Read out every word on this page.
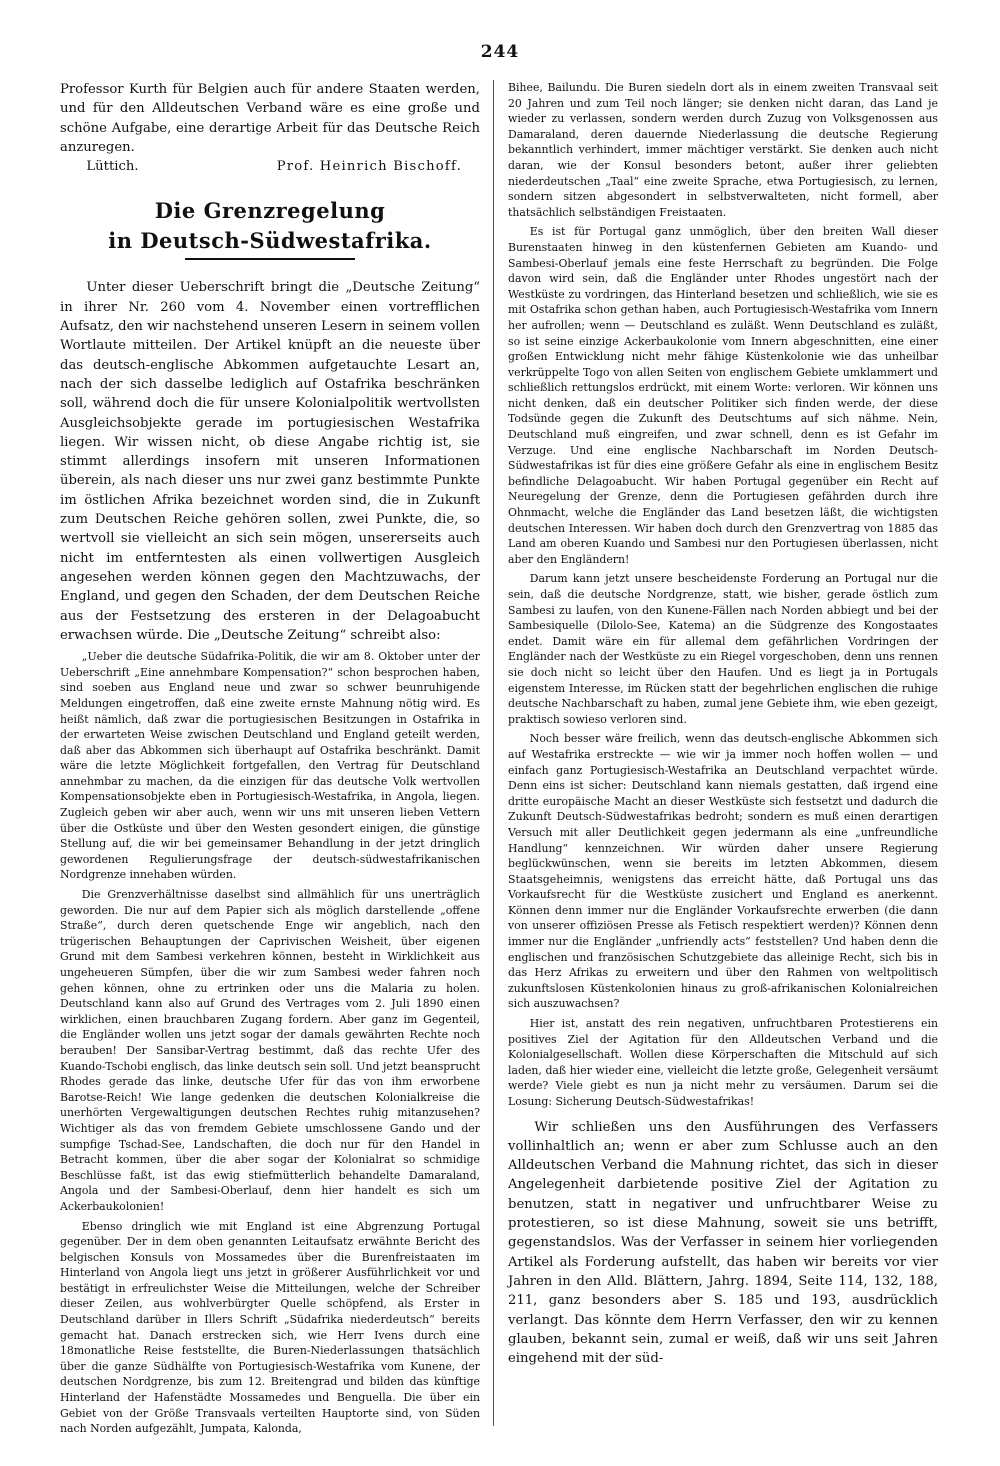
244

Professor Kurth für Belgien auch für andere Staaten werden, und für den Alldeutschen Verband wäre es eine große und schöne Aufgabe, eine derartige Arbeit für das Deutsche Reich anzuregen.

Lüttich.	Prof. Heinrich Bischoff.
Die Grenzregelung
in Deutsch-Südwestafrika.

Unter dieser Ueberschrift bringt die „Deutsche Zeitung“ in ihrer Nr. 260 vom 4. November einen vortrefflichen Aufsatz, den wir nachstehend unseren Lesern in seinem vollen Wortlaute mitteilen. Der Artikel knüpft an die neueste über das deutsch-englische Abkommen aufgetauchte Lesart an, nach der sich dasselbe lediglich auf Ostafrika beschränken soll, während doch die für unsere Kolonialpolitik wertvollsten Ausgleichsobjekte gerade im portugiesischen Westafrika liegen. Wir wissen nicht, ob diese Angabe richtig ist, sie stimmt allerdings insofern mit unseren Informationen überein, als nach dieser uns nur zwei ganz bestimmte Punkte im östlichen Afrika bezeichnet worden sind, die in Zukunft zum Deutschen Reiche gehören sollen, zwei Punkte, die, so wertvoll sie vielleicht an sich sein mögen, unsererseits auch nicht im entferntesten als einen vollwertigen Ausgleich angesehen werden können gegen den Machtzuwachs, der England, und gegen den Schaden, der dem Deutschen Reiche aus der Festsetzung des ersteren in der Delagoabucht erwachsen würde. Die „Deutsche Zeitung“ schreibt also:

„Ueber die deutsche Südafrika-Politik, die wir am 8. Oktober unter der Ueberschrift „Eine annehmbare Kompensation?“ schon besprochen haben, sind soeben aus England neue und zwar so schwer beunruhigende Meldungen eingetroffen, daß eine zweite ernste Mahnung nötig wird. Es heißt nämlich, daß zwar die portugiesischen Besitzungen in Ostafrika in der erwarteten Weise zwischen Deutschland und England geteilt werden, daß aber das Abkommen sich überhaupt auf Ostafrika beschränkt. Damit wäre die letzte Möglichkeit fortgefallen, den Vertrag für Deutschland annehmbar zu machen, da die einzigen für das deutsche Volk wertvollen Kompensationsobjekte eben in Portugiesisch-Westafrika, in Angola, liegen. Zugleich geben wir aber auch, wenn wir uns mit unseren lieben Vettern über die Ostküste und über den Westen gesondert einigen, die günstige Stellung auf, die wir bei gemeinsamer Behandlung in der jetzt dringlich gewordenen Regulierungsfrage der deutsch-südwestafrikanischen Nordgrenze innehaben würden.

Die Grenzverhältnisse daselbst sind allmählich für uns unerträglich geworden. Die nur auf dem Papier sich als möglich darstellende „offene Straße“, durch deren quetschende Enge wir angeblich, nach den trügerischen Behauptungen der Caprivischen Weisheit, über eigenen Grund mit dem Sambesi verkehren können, besteht in Wirklichkeit aus ungeheueren Sümpfen, über die wir zum Sambesi weder fahren noch gehen können, ohne zu ertrinken oder uns die Malaria zu holen. Deutschland kann also auf Grund des Vertrages vom 2. Juli 1890 einen wirklichen, einen brauchbaren Zugang fordern. Aber ganz im Gegenteil, die Engländer wollen uns jetzt sogar der damals gewährten Rechte noch berauben! Der Sansibar-Vertrag bestimmt, daß das rechte Ufer des Kuando-Tschobi englisch, das linke deutsch sein soll. Und jetzt beansprucht Rhodes gerade das linke, deutsche Ufer für das von ihm erworbene Barotse-Reich! Wie lange gedenken die deutschen Kolonialkreise die unerhörten Vergewaltigungen deutschen Rechtes ruhig mitanzusehen? Wichtiger als das von fremdem Gebiete umschlossene Gando und der sumpfige Tschad-See, Landschaften, die doch nur für den Handel in Betracht kommen, über die aber sogar der Kolonialrat so schmidige Beschlüsse faßt, ist das ewig stiefmütterlich behandelte Damaraland, Angola und der Sambesi-Oberlauf, denn hier handelt es sich um Ackerbaukolonien!

Ebenso dringlich wie mit England ist eine Abgrenzung Portugal gegenüber. Der in dem oben genannten Leitaufsatz erwähnte Bericht des belgischen Konsuls von Mossamedes über die Burenfreistaaten im Hinterland von Angola liegt uns jetzt in größerer Ausführlichkeit vor und bestätigt in erfreulichster Weise die Mitteilungen, welche der Schreiber dieser Zeilen, aus wohlverbürgter Quelle schöpfend, als Erster in Deutschland darüber in Illers Schrift „Südafrika niederdeutsch“ bereits gemacht hat. Danach erstrecken sich, wie Herr Ivens durch eine 18monatliche Reise feststellte, die Buren-Niederlassungen thatsächlich über die ganze Südhälfte von Portugiesisch-Westafrika vom Kunene, der deutschen Nordgrenze, bis zum 12. Breitengrad und bilden das künftige Hinterland der Hafenstädte Mossamedes und Benguella. Die über ein Gebiet von der Größe Transvaals verteilten Hauptorte sind, von Süden nach Norden aufgezählt, Jumpata, Kalonda,

Bihee, Bailundu. Die Buren siedeln dort als in einem zweiten Transvaal seit 20 Jahren und zum Teil noch länger; sie denken nicht daran, das Land je wieder zu verlassen, sondern werden durch Zuzug von Volksgenossen aus Damaraland, deren dauernde Niederlassung die deutsche Regierung bekanntlich verhindert, immer mächtiger verstärkt. Sie denken auch nicht daran, wie der Konsul besonders betont, außer ihrer geliebten niederdeutschen „Taal“ eine zweite Sprache, etwa Portugiesisch, zu lernen, sondern sitzen abgesondert in selbstverwalteten, nicht formell, aber thatsächlich selbständigen Freistaaten.

Es ist für Portugal ganz unmöglich, über den breiten Wall dieser Burenstaaten hinweg in den küstenfernen Gebieten am Kuando- und Sambesi-Oberlauf jemals eine feste Herrschaft zu begründen. Die Folge davon wird sein, daß die Engländer unter Rhodes ungestört nach der Westküste zu vordringen, das Hinterland besetzen und schließlich, wie sie es mit Ostafrika schon gethan haben, auch Portugiesisch-Westafrika vom Innern her aufrollen; wenn — Deutschland es zuläßt. Wenn Deutschland es zuläßt, so ist seine einzige Ackerbaukolonie vom Innern abgeschnitten, eine einer großen Entwicklung nicht mehr fähige Küstenkolonie wie das unheilbar verkrüppelte Togo von allen Seiten von englischem Gebiete umklammert und schließlich rettungslos erdrückt, mit einem Worte: verloren. Wir können uns nicht denken, daß ein deutscher Politiker sich finden werde, der diese Todsünde gegen die Zukunft des Deutschtums auf sich nähme. Nein, Deutschland muß eingreifen, und zwar schnell, denn es ist Gefahr im Verzuge. Und eine englische Nachbarschaft im Norden Deutsch-Südwestafrikas ist für dies eine größere Gefahr als eine in englischem Besitz befindliche Delagoabucht. Wir haben Portugal gegenüber ein Recht auf Neuregelung der Grenze, denn die Portugiesen gefährden durch ihre Ohnmacht, welche die Engländer das Land besetzen läßt, die wichtigsten deutschen Interessen. Wir haben doch durch den Grenzvertrag von 1885 das Land am oberen Kuando und Sambesi nur den Portugiesen überlassen, nicht aber den Engländern!

Darum kann jetzt unsere bescheidenste Forderung an Portugal nur die sein, daß die deutsche Nordgrenze, statt, wie bisher, gerade östlich zum Sambesi zu laufen, von den Kunene-Fällen nach Norden abbiegt und bei der Sambesiquelle (Dilolo-See, Katema) an die Südgrenze des Kongostaates endet. Damit wäre ein für allemal dem gefährlichen Vordringen der Engländer nach der Westküste zu ein Riegel vorgeschoben, denn uns rennen sie doch nicht so leicht über den Haufen. Und es liegt ja in Portugals eigenstem Interesse, im Rücken statt der begehrlichen englischen die ruhige deutsche Nachbarschaft zu haben, zumal jene Gebiete ihm, wie eben gezeigt, praktisch sowieso verloren sind.

Noch besser wäre freilich, wenn das deutsch-englische Abkommen sich auf Westafrika erstreckte — wie wir ja immer noch hoffen wollen — und einfach ganz Portugiesisch-Westafrika an Deutschland verpachtet würde. Denn eins ist sicher: Deutschland kann niemals gestatten, daß irgend eine dritte europäische Macht an dieser Westküste sich festsetzt und dadurch die Zukunft Deutsch-Südwestafrikas bedroht; sondern es muß einen derartigen Versuch mit aller Deutlichkeit gegen jedermann als eine „unfreundliche Handlung“ kennzeichnen. Wir würden daher unsere Regierung beglückwünschen, wenn sie bereits im letzten Abkommen, diesem Staatsgeheimnis, wenigstens das erreicht hätte, daß Portugal uns das Vorkaufsrecht für die Westküste zusichert und England es anerkennt. Können denn immer nur die Engländer Vorkaufsrechte erwerben (die dann von unserer offiziösen Presse als Fetisch respektiert werden)? Können denn immer nur die Engländer „unfriendly acts“ feststellen? Und haben denn die englischen und französischen Schutzgebiete das alleinige Recht, sich bis in das Herz Afrikas zu erweitern und über den Rahmen von weltpolitisch zukunftslosen Küstenkolonien hinaus zu groß-afrikanischen Kolonialreichen sich auszuwachsen?

Hier ist, anstatt des rein negativen, unfruchtbaren Protestierens ein positives Ziel der Agitation für den Alldeutschen Verband und die Kolonialgesellschaft. Wollen diese Körperschaften die Mitschuld auf sich laden, daß hier wieder eine, vielleicht die letzte große, Gelegenheit versäumt werde? Viele giebt es nun ja nicht mehr zu versäumen. Darum sei die Losung: Sicherung Deutsch-Südwestafrikas!

Wir schließen uns den Ausführungen des Verfassers vollinhaltlich an; wenn er aber zum Schlusse auch an den Alldeutschen Verband die Mahnung richtet, das sich in dieser Angelegenheit darbietende positive Ziel der Agitation zu benutzen, statt in negativer und unfruchtbarer Weise zu protestieren, so ist diese Mahnung, soweit sie uns betrifft, gegenstandslos. Was der Verfasser in seinem hier vorliegenden Artikel als Forderung aufstellt, das haben wir bereits vor vier Jahren in den Alld. Blättern, Jahrg. 1894, Seite 114, 132, 188, 211, ganz besonders aber S. 185 und 193, ausdrücklich verlangt. Das könnte dem Herrn Verfasser, den wir zu kennen glauben, bekannt sein, zumal er weiß, daß wir uns seit Jahren eingehend mit der süd-
